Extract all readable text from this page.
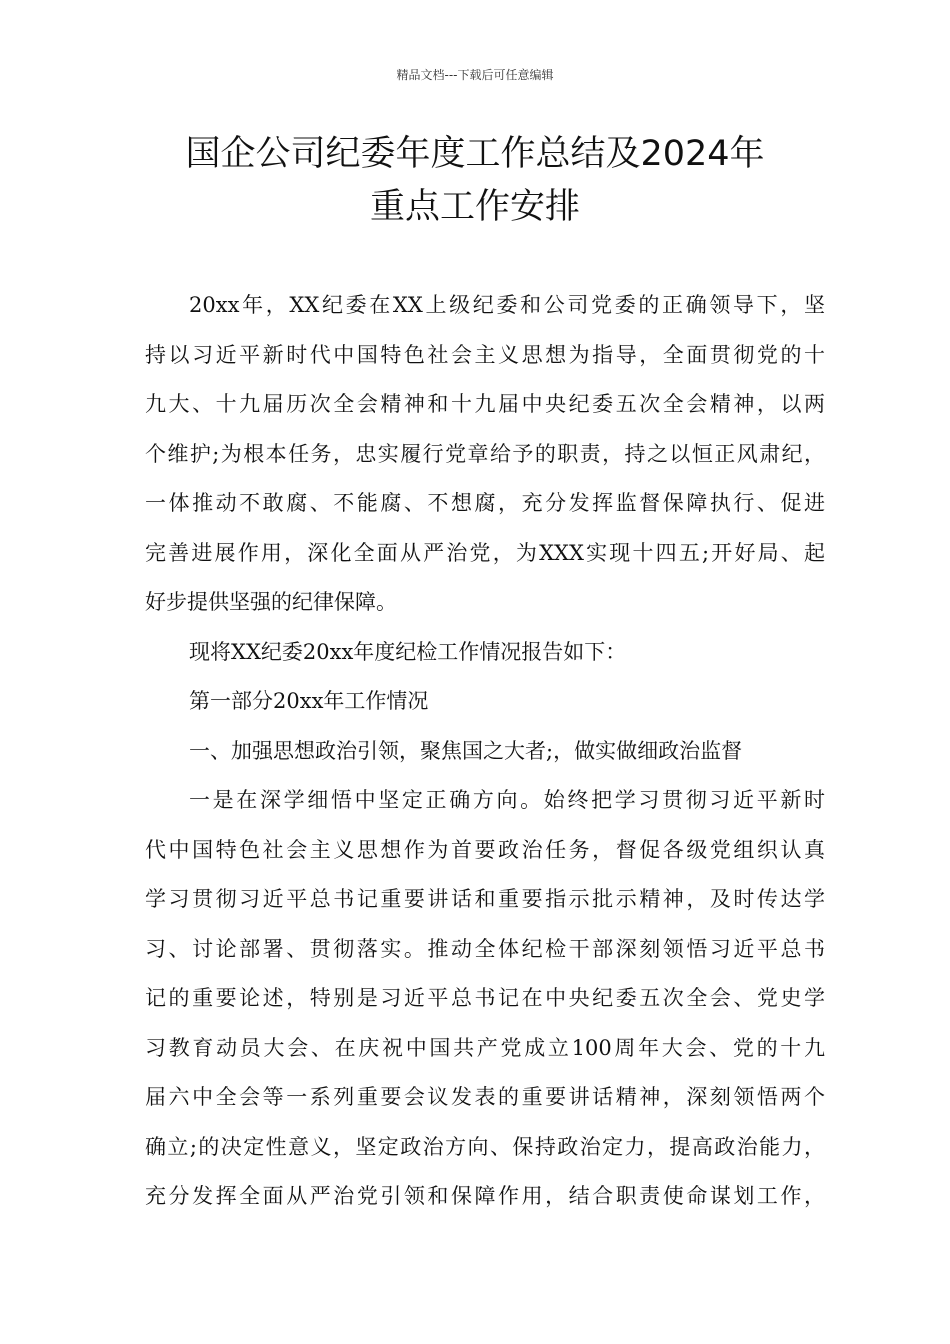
精品文档---下载后可任意编辑
国企公司纪委年度工作总结及2024年
重点工作安排
20xx年，XX纪委在XX上级纪委和公司党委的正确领导下，坚
持以习近平新时代中国特色社会主义思想为指导，全面贯彻党的十
九大、十九届历次全会精神和十九届中央纪委五次全会精神，以两
个维护;为根本任务，忠实履行党章给予的职责，持之以恒正风肃纪，
一体推动不敢腐、不能腐、不想腐，充分发挥监督保障执行、促进
完善进展作用，深化全面从严治党，为XXX实现十四五;开好局、起
好步提供坚强的纪律保障。
现将XX纪委20xx年度纪检工作情况报告如下：
第一部分20xx年工作情况
一、加强思想政治引领，聚焦国之大者;，做实做细政治监督
一是在深学细悟中坚定正确方向。始终把学习贯彻习近平新时
代中国特色社会主义思想作为首要政治任务，督促各级党组织认真
学习贯彻习近平总书记重要讲话和重要指示批示精神，及时传达学
习、讨论部署、贯彻落实。推动全体纪检干部深刻领悟习近平总书
记的重要论述，特别是习近平总书记在中央纪委五次全会、党史学
习教育动员大会、在庆祝中国共产党成立100周年大会、党的十九
届六中全会等一系列重要会议发表的重要讲话精神，深刻领悟两个
确立;的决定性意义，坚定政治方向、保持政治定力，提高政治能力，
充分发挥全面从严治党引领和保障作用，结合职责使命谋划工作，
